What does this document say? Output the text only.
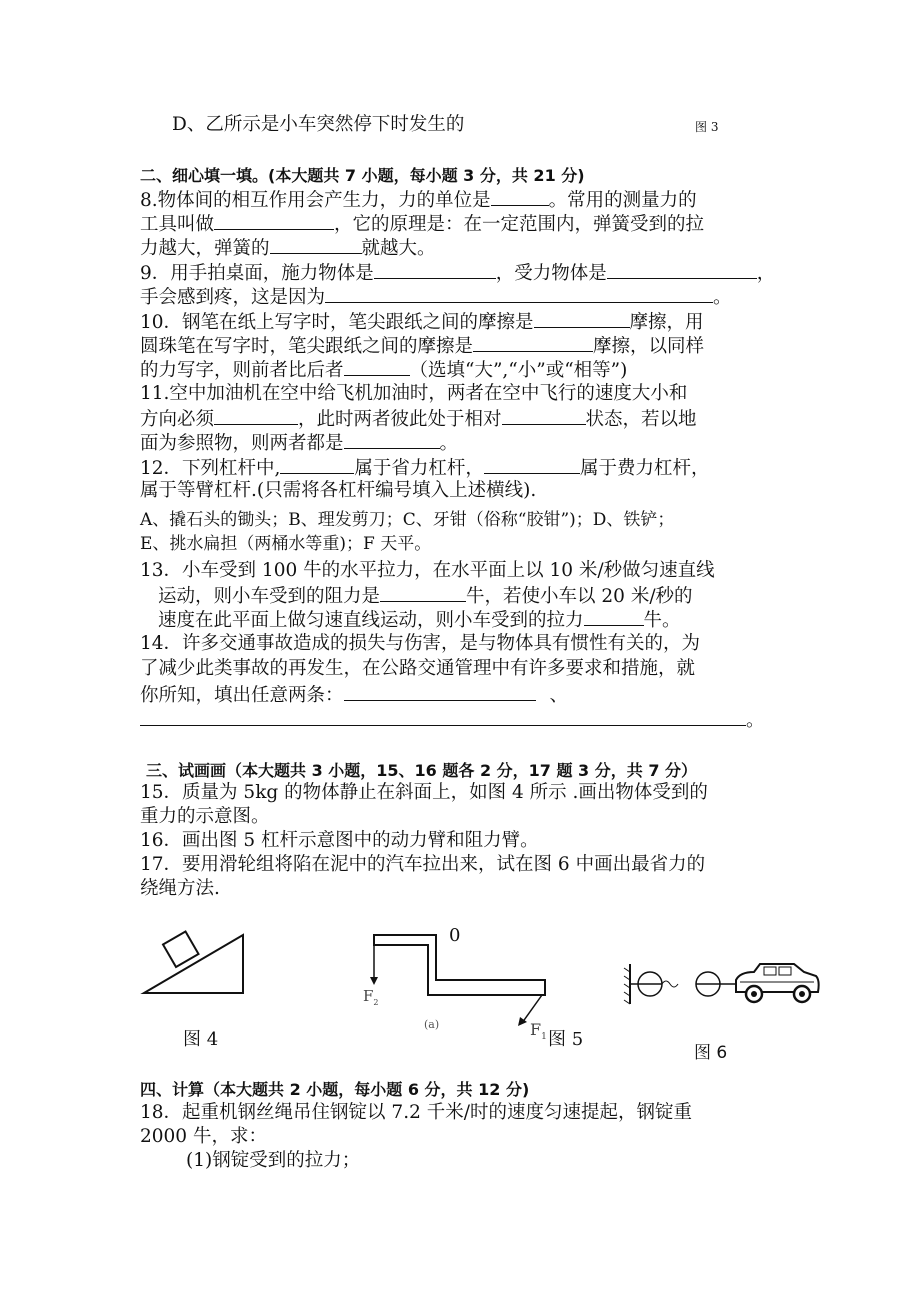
D、乙所示是小车突然停下时发生的	图 3
二、细心填一填。(本大题共 7 小题，每小题 3 分，共 21 分)
8.物体间的相互作用会产生力，力的单位是	。常用的测量力的
工具叫做	，它的原理是：在一定范围内，弹簧受到的拉
力越大，弹簧的	就越大。
9．用手拍桌面，施力物体是	，受力物体是	，
手会感到疼，这是因为	。
10．钢笔在纸上写字时，笔尖跟纸之间的摩擦是	摩擦，用
圆珠笔在写字时，笔尖跟纸之间的摩擦是	摩擦，以同样
的力写字，则前者比后者	（选填“大”,“小”或“相等”)
11.空中加油机在空中给飞机加油时，两者在空中飞行的速度大小和
方向必须	，此时两者彼此处于相对	状态，若以地
面为参照物，则两者都是	。
12．下列杠杆中,	属于省力杠杆，	属于费力杠杆，
属于等臂杠杆.(只需将各杠杆编号填入上述横线).
A、撬石头的锄头；B、理发剪刀；C、牙钳（俗称“胶钳”)；D、铁铲；
E、挑水扁担（两桶水等重)；F 天平。
13．小车受到 100 牛的水平拉力，在水平面上以 10 米/秒做匀速直线
运动，则小车受到的阻力是	牛，若使小车以 20 米/秒的
速度在此平面上做匀速直线运动，则小车受到的拉力	牛。
14．许多交通事故造成的损失与伤害，是与物体具有惯性有关的，为
了减少此类事故的再发生，在公路交通管理中有许多要求和措施，就
你所知，填出任意两条：	、
。
三、试画画（本大题共 3 小题，15、16 题各 2 分，17 题 3 分，共 7 分）
15．质量为 5kg 的物体静止在斜面上，如图 4 所示 .画出物体受到的
重力的示意图。
16．画出图 5 杠杆示意图中的动力臂和阻力臂。
17．要用滑轮组将陷在泥中的汽车拉出来，试在图 6 中画出最省力的
绕绳方法.
图 4
0
$F_2$
(a)	$F_1$ 图 5
图 6
四、计算（本大题共 2 小题，每小题 6 分，共 12 分)
18．起重机钢丝绳吊住钢锭以 7.2 千米/时的速度匀速提起，钢锭重
2000 牛，求：
(1)钢锭受到的拉力；
